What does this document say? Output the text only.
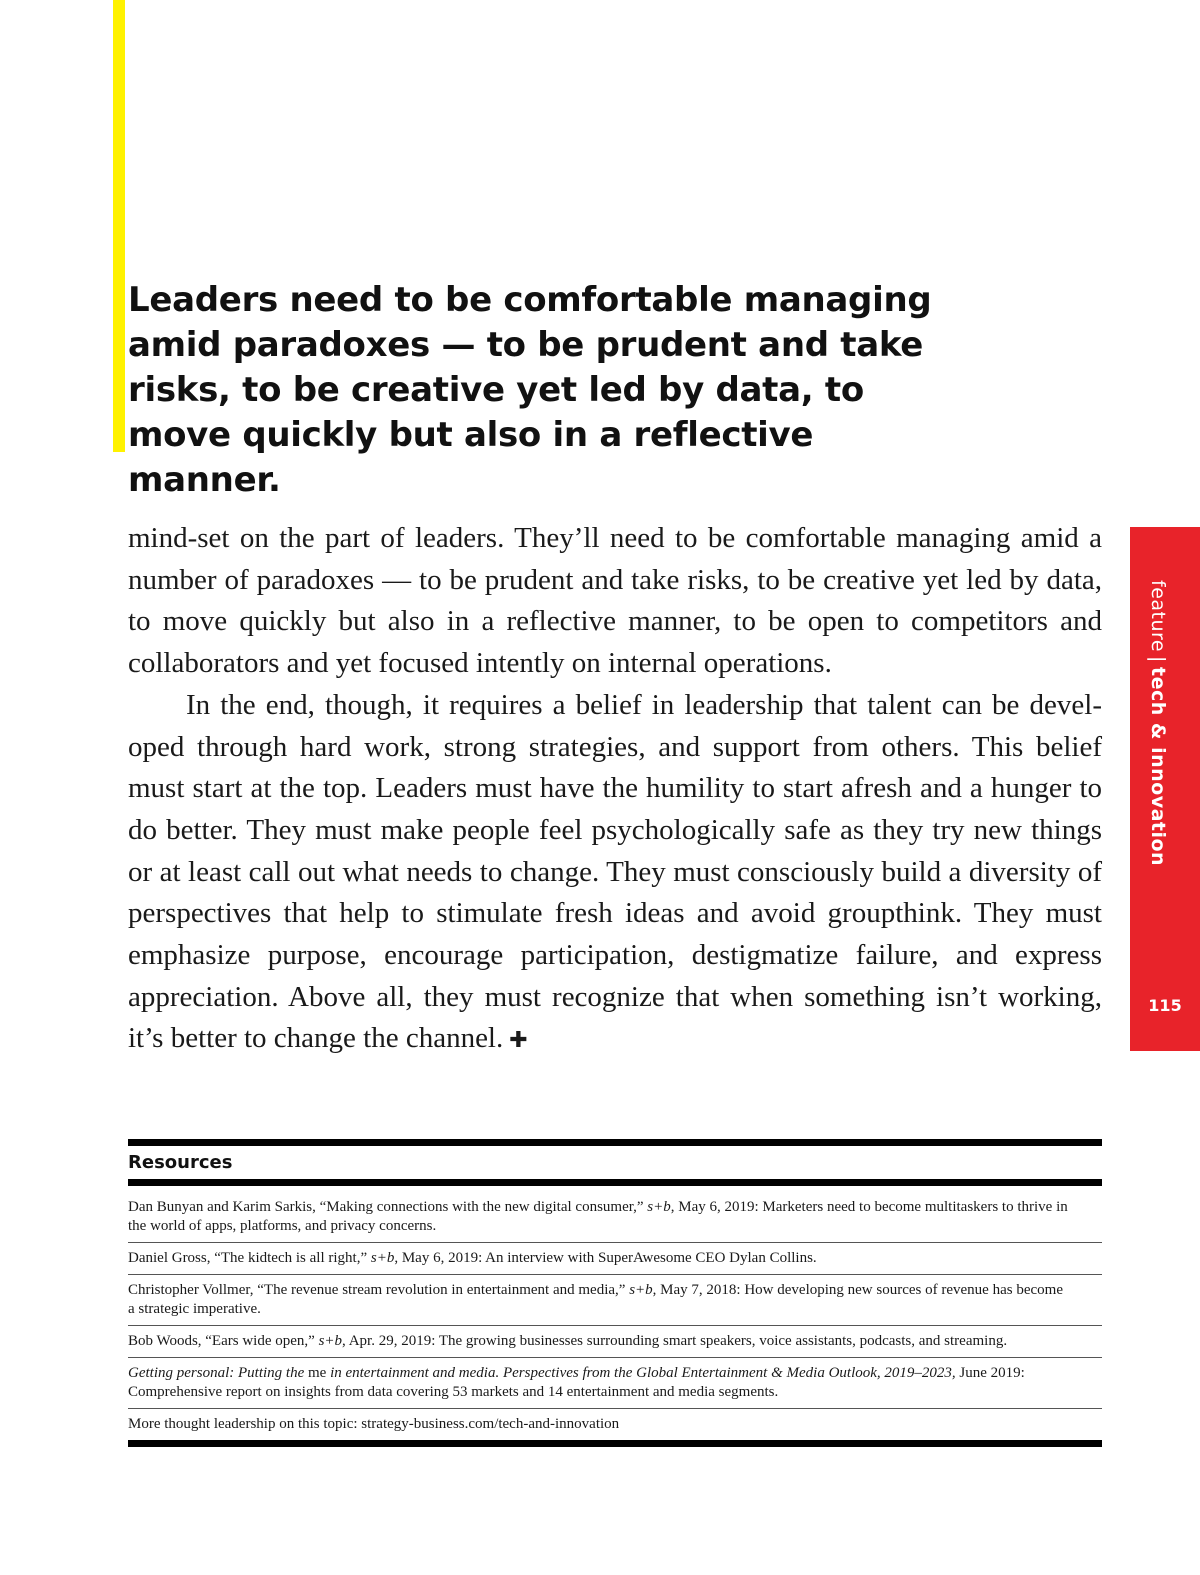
Leaders need to be comfortable managing amid paradoxes — to be prudent and take risks, to be creative yet led by data, to move quickly but also in a reflective manner.

mind-set on the part of leaders. They’ll need to be comfortable managing amid a number of paradoxes — to be prudent and take risks, to be creative yet led by data, to move quickly but also in a reflective manner, to be open to competitors and collaborators and yet focused intently on internal operations.

In the end, though, it requires a belief in leadership that talent can be developed through hard work, strong strategies, and support from others. This belief must start at the top. Leaders must have the humility to start afresh and a hunger to do better. They must make people feel psychologically safe as they try new things or at least call out what needs to change. They must consciously build a diversity of perspectives that help to stimulate fresh ideas and avoid groupthink. They must emphasize purpose, encourage participation, destigmatize failure, and express appreciation. Above all, they must recognize that when something isn’t working, it’s better to change the channel. ✚

feature|tech & innovation
115
Resources
Dan Bunyan and Karim Sarkis, “Making connections with the new digital consumer,” s+b, May 6, 2019: Marketers need to become multitaskers to thrive in the world of apps, platforms, and privacy concerns.
Daniel Gross, “The kidtech is all right,” s+b, May 6, 2019: An interview with SuperAwesome CEO Dylan Collins.
Christopher Vollmer, “The revenue stream revolution in entertainment and media,” s+b, May 7, 2018: How developing new sources of revenue has become a strategic imperative.
Bob Woods, “Ears wide open,” s+b, Apr. 29, 2019: The growing businesses surrounding smart speakers, voice assistants, podcasts, and streaming.
Getting personal: Putting the me in entertainment and media. Perspectives from the Global Entertainment & Media Outlook, 2019–2023, June 2019: Comprehensive report on insights from data covering 53 markets and 14 entertainment and media segments.
More thought leadership on this topic: strategy-business.com/tech-and-innovation
